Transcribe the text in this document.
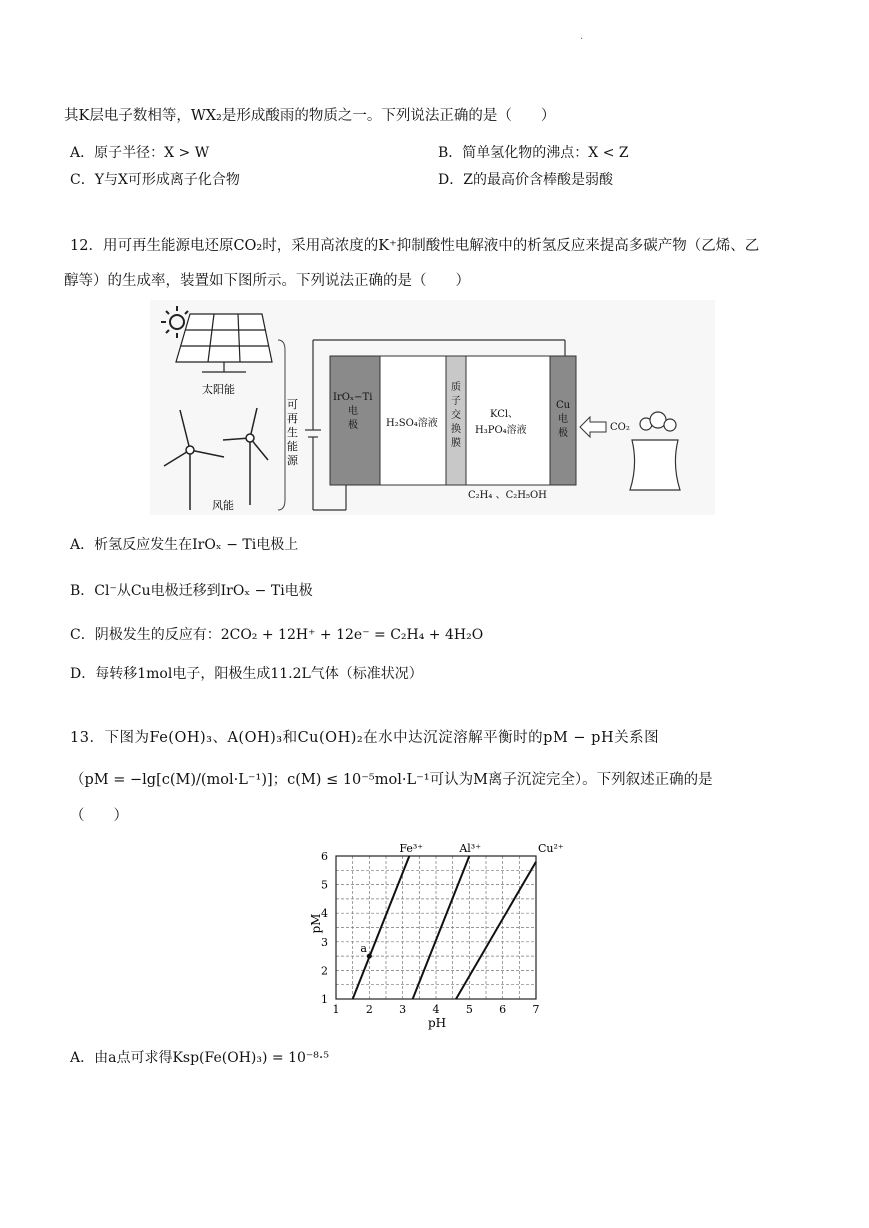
·
其K层电子数相等，WX₂是形成酸雨的物质之一。下列说法正确的是（　　）
A．原子半径：X > W	B．简单氢化物的沸点：X < Z
C．Y与X可形成离子化合物	D．Z的最高价含棒酸是弱酸
12．用可再生能源电还原CO₂时，采用高浓度的K⁺抑制酸性电解液中的析氢反应来提高多碳产物（乙烯、乙
醇等）的生成率，装置如下图所示。下列说法正确的是（　　）
太阳能
风能
可
再
生
能
源
IrOₓ−Ti
电
极	H₂SO₄溶液
质
子
交
换
膜
KCl、
H₃PO₄溶液
Cu
电
极
C₂H₄ 、C₂H₅OH
CO₂
A．析氢反应发生在IrOₓ − Ti电极上
B．Cl⁻从Cu电极迁移到IrOₓ − Ti电极
C．阴极发生的反应有：2CO₂ + 12H⁺ + 12e⁻ = C₂H₄ + 4H₂O
D．每转移1mol电子，阳极生成11.2L气体（标准状况）
13．下图为Fe(OH)₃、A(OH)₃和Cu(OH)₂在水中达沉淀溶解平衡时的pM − pH关系图
（pM = −lg[c(M)/(mol·L⁻¹)]；c(M) ≤ 10⁻⁵mol·L⁻¹可认为M离子沉淀完全）。下列叙述正确的是
（　　）
1 2 3 4 5 6 7
1
2
3
4
5
6
Fe³⁺	Al³⁺	Cu²⁺
a
pH
pM
A．由a点可求得Ksp(Fe(OH)₃) = 10⁻⁸·⁵
